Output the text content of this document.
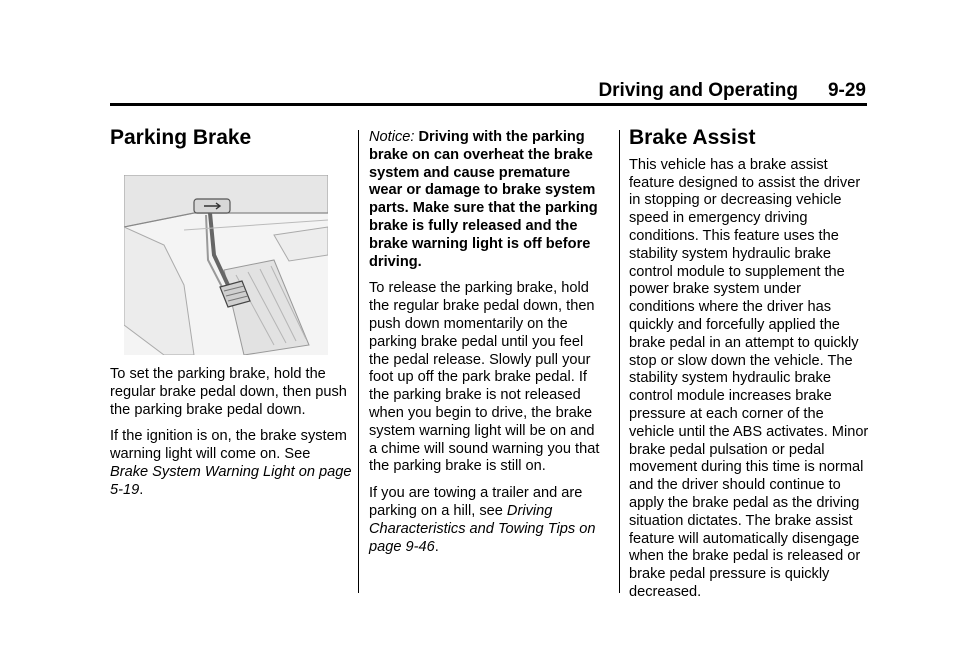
Driving and Operating 9-29
Parking Brake

To set the parking brake, hold the regular brake pedal down, then push the parking brake pedal down.

If the ignition is on, the brake system warning light will come on. See Brake System Warning Light on page 5‑19.

Notice: Driving with the parking brake on can overheat the brake system and cause premature wear or damage to brake system parts. Make sure that the parking brake is fully released and the brake warning light is off before driving.

To release the parking brake, hold the regular brake pedal down, then push down momentarily on the parking brake pedal until you feel the pedal release. Slowly pull your foot up off the park brake pedal. If the parking brake is not released when you begin to drive, the brake system warning light will be on and a chime will sound warning you that the parking brake is still on.

If you are towing a trailer and are parking on a hill, see Driving Characteristics and Towing Tips on page 9‑46.

Brake Assist

This vehicle has a brake assist feature designed to assist the driver in stopping or decreasing vehicle speed in emergency driving conditions. This feature uses the stability system hydraulic brake control module to supplement the power brake system under conditions where the driver has quickly and forcefully applied the brake pedal in an attempt to quickly stop or slow down the vehicle. The stability system hydraulic brake control module increases brake pressure at each corner of the vehicle until the ABS activates. Minor brake pedal pulsation or pedal movement during this time is normal and the driver should continue to apply the brake pedal as the driving situation dictates. The brake assist feature will automatically disengage when the brake pedal is released or brake pedal pressure is quickly decreased.
